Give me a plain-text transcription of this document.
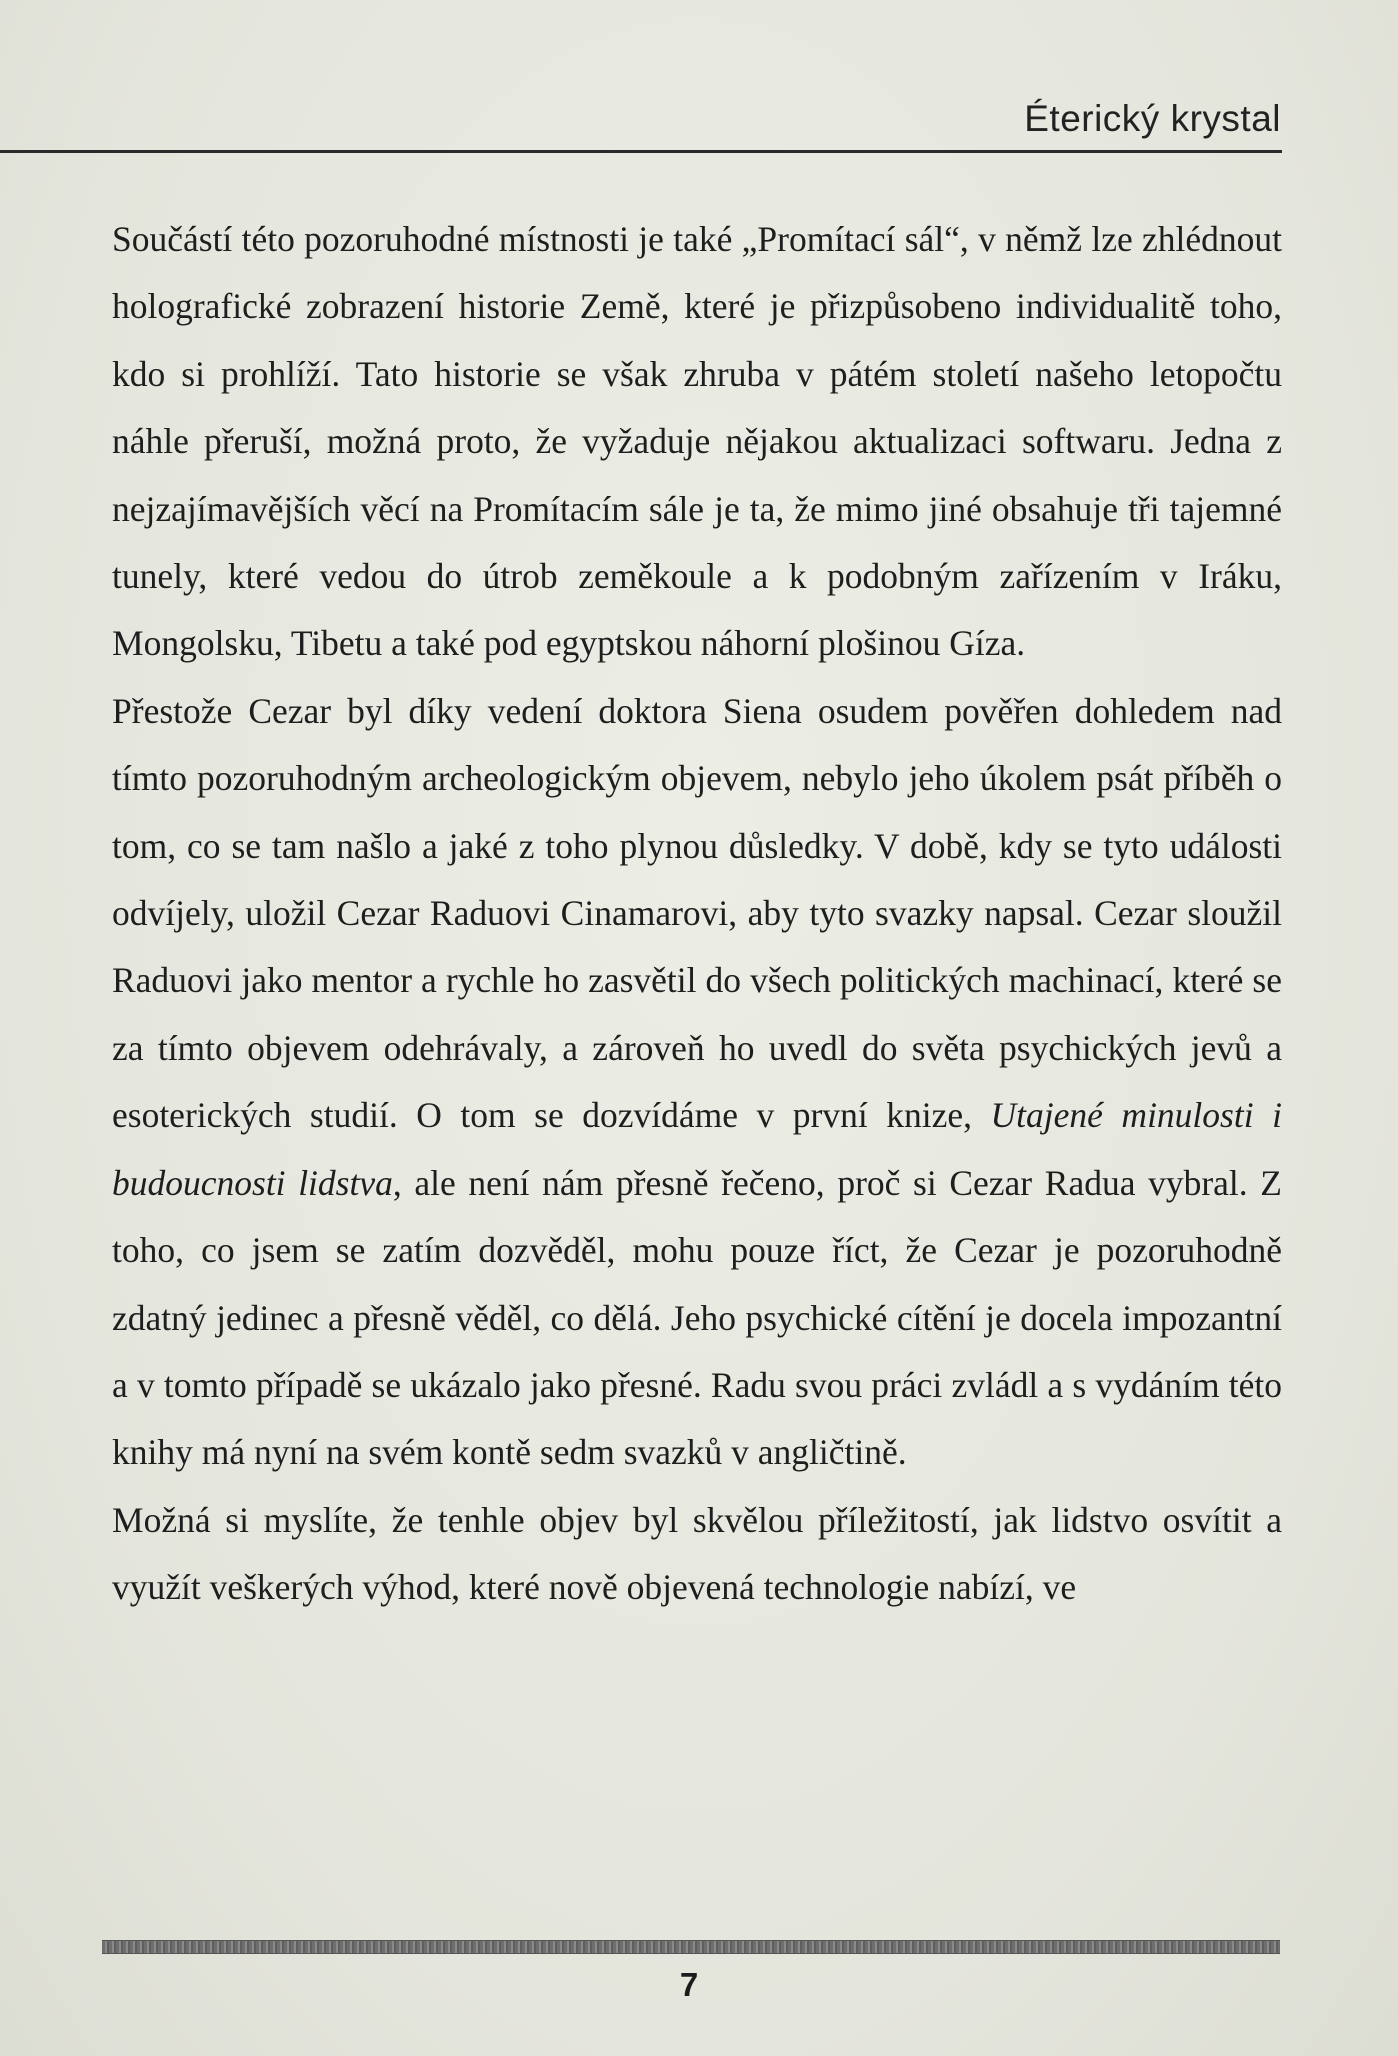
Éterický krystal

Součástí této pozoruhodné místnosti je také „Promítací sál“, v němž lze zhlédnout holografické zobrazení historie Země, které je přizpůsobeno individualitě toho, kdo si prohlíží. Tato historie se však zhruba v pátém století našeho letopočtu náhle přeruší, možná proto, že vyžaduje nějakou aktualizaci softwaru. Jedna z nejzajímavějších věcí na Promítacím sále je ta, že mimo jiné obsahuje tři tajemné tunely, které vedou do útrob zeměkoule a k podobným zařízením v Iráku, Mongolsku, Tibetu a také pod egyptskou náhorní plošinou Gíza.

Přestože Cezar byl díky vedení doktora Siena osudem pověřen dohledem nad tímto pozoruhodným archeologickým objevem, nebylo jeho úkolem psát příběh o tom, co se tam našlo a jaké z toho plynou důsledky. V době, kdy se tyto události odvíjely, uložil Cezar Raduovi Cinamarovi, aby tyto svazky napsal. Cezar sloužil Raduovi jako mentor a rychle ho zasvětil do všech politických machinací, které se za tímto objevem odehrávaly, a zároveň ho uvedl do světa psychických jevů a esoterických studií. O tom se dozvídáme v první knize, Utajené minulosti i budoucnosti lidstva, ale není nám přesně řečeno, proč si Cezar Radua vybral. Z toho, co jsem se zatím dozvěděl, mohu pouze říct, že Cezar je pozoruhodně zdatný jedinec a přesně věděl, co dělá. Jeho psychické cítění je docela impozantní a v tomto případě se ukázalo jako přesné. Radu svou práci zvládl a s vydáním této knihy má nyní na svém kontě sedm svazků v angličtině.

Možná si myslíte, že tenhle objev byl skvělou příležitostí, jak lidstvo osvítit a využít veškerých výhod, které nově objevená technologie nabízí, ve

7
